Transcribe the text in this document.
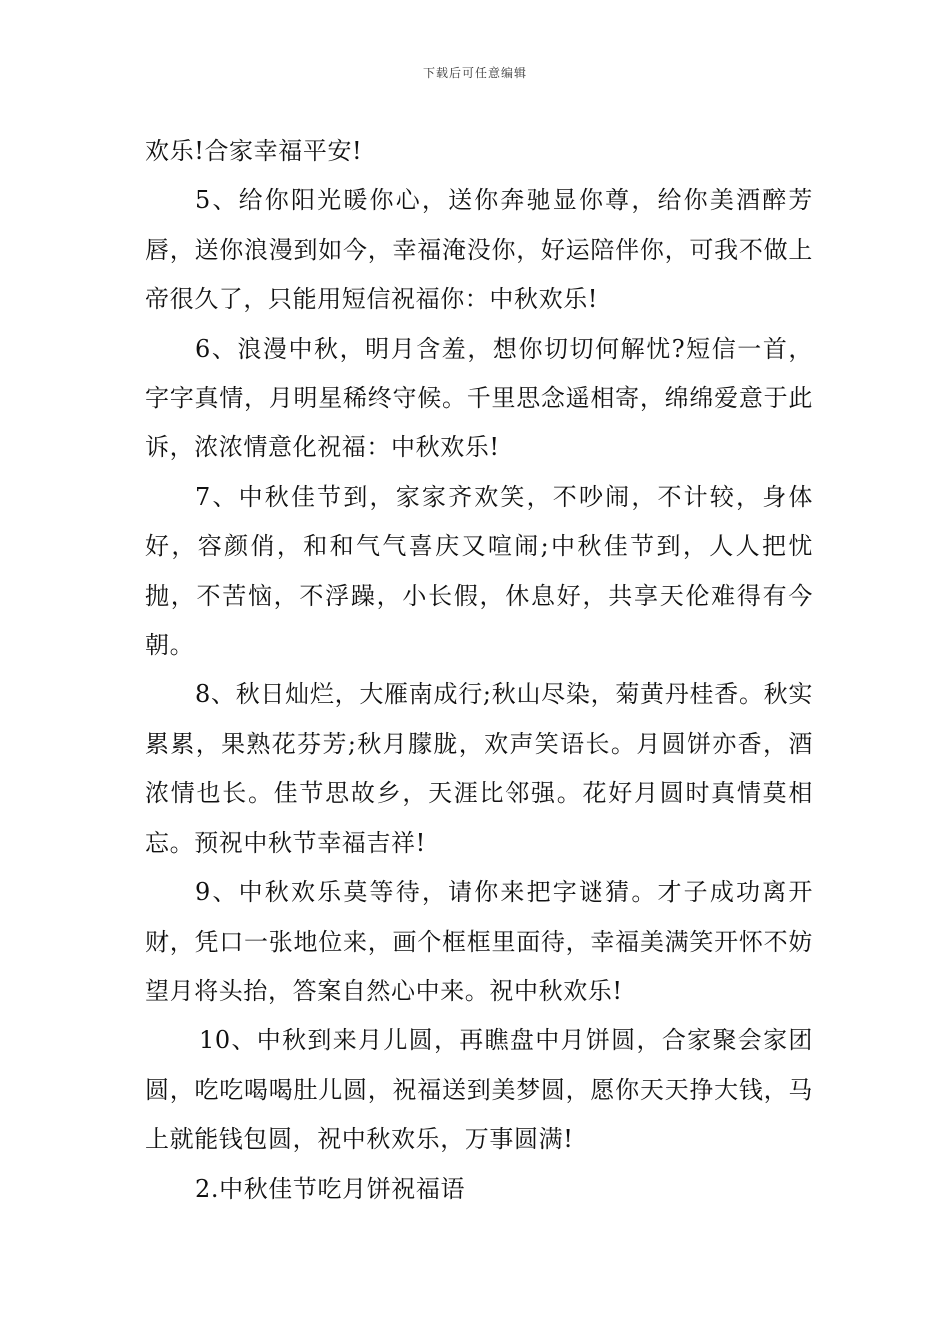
下载后可任意编辑

欢乐!合家幸福平安!

5、给你阳光暖你心，送你奔驰显你尊，给你美酒醉芳唇，送你浪漫到如今，幸福淹没你，好运陪伴你，可我不做上帝很久了，只能用短信祝福你：中秋欢乐!

6、浪漫中秋，明月含羞，想你切切何解忧?短信一首，字字真情，月明星稀终守候。千里思念遥相寄，绵绵爱意于此诉，浓浓情意化祝福：中秋欢乐!

7、中秋佳节到，家家齐欢笑，不吵闹，不计较，身体好，容颜俏，和和气气喜庆又喧闹;中秋佳节到，人人把忧抛，不苦恼，不浮躁，小长假，休息好，共享天伦难得有今朝。

8、秋日灿烂，大雁南成行;秋山尽染，菊黄丹桂香。秋实累累，果熟花芬芳;秋月朦胧，欢声笑语长。月圆饼亦香，酒浓情也长。佳节思故乡，天涯比邻强。花好月圆时真情莫相忘。预祝中秋节幸福吉祥!

9、中秋欢乐莫等待，请你来把字谜猜。才子成功离开财，凭口一张地位来，画个框框里面待，幸福美满笑开怀不妨望月将头抬，答案自然心中来。祝中秋欢乐!

10、中秋到来月儿圆，再瞧盘中月饼圆，合家聚会家团圆，吃吃喝喝肚儿圆，祝福送到美梦圆，愿你天天挣大钱，马上就能钱包圆，祝中秋欢乐，万事圆满!

2.中秋佳节吃月饼祝福语
